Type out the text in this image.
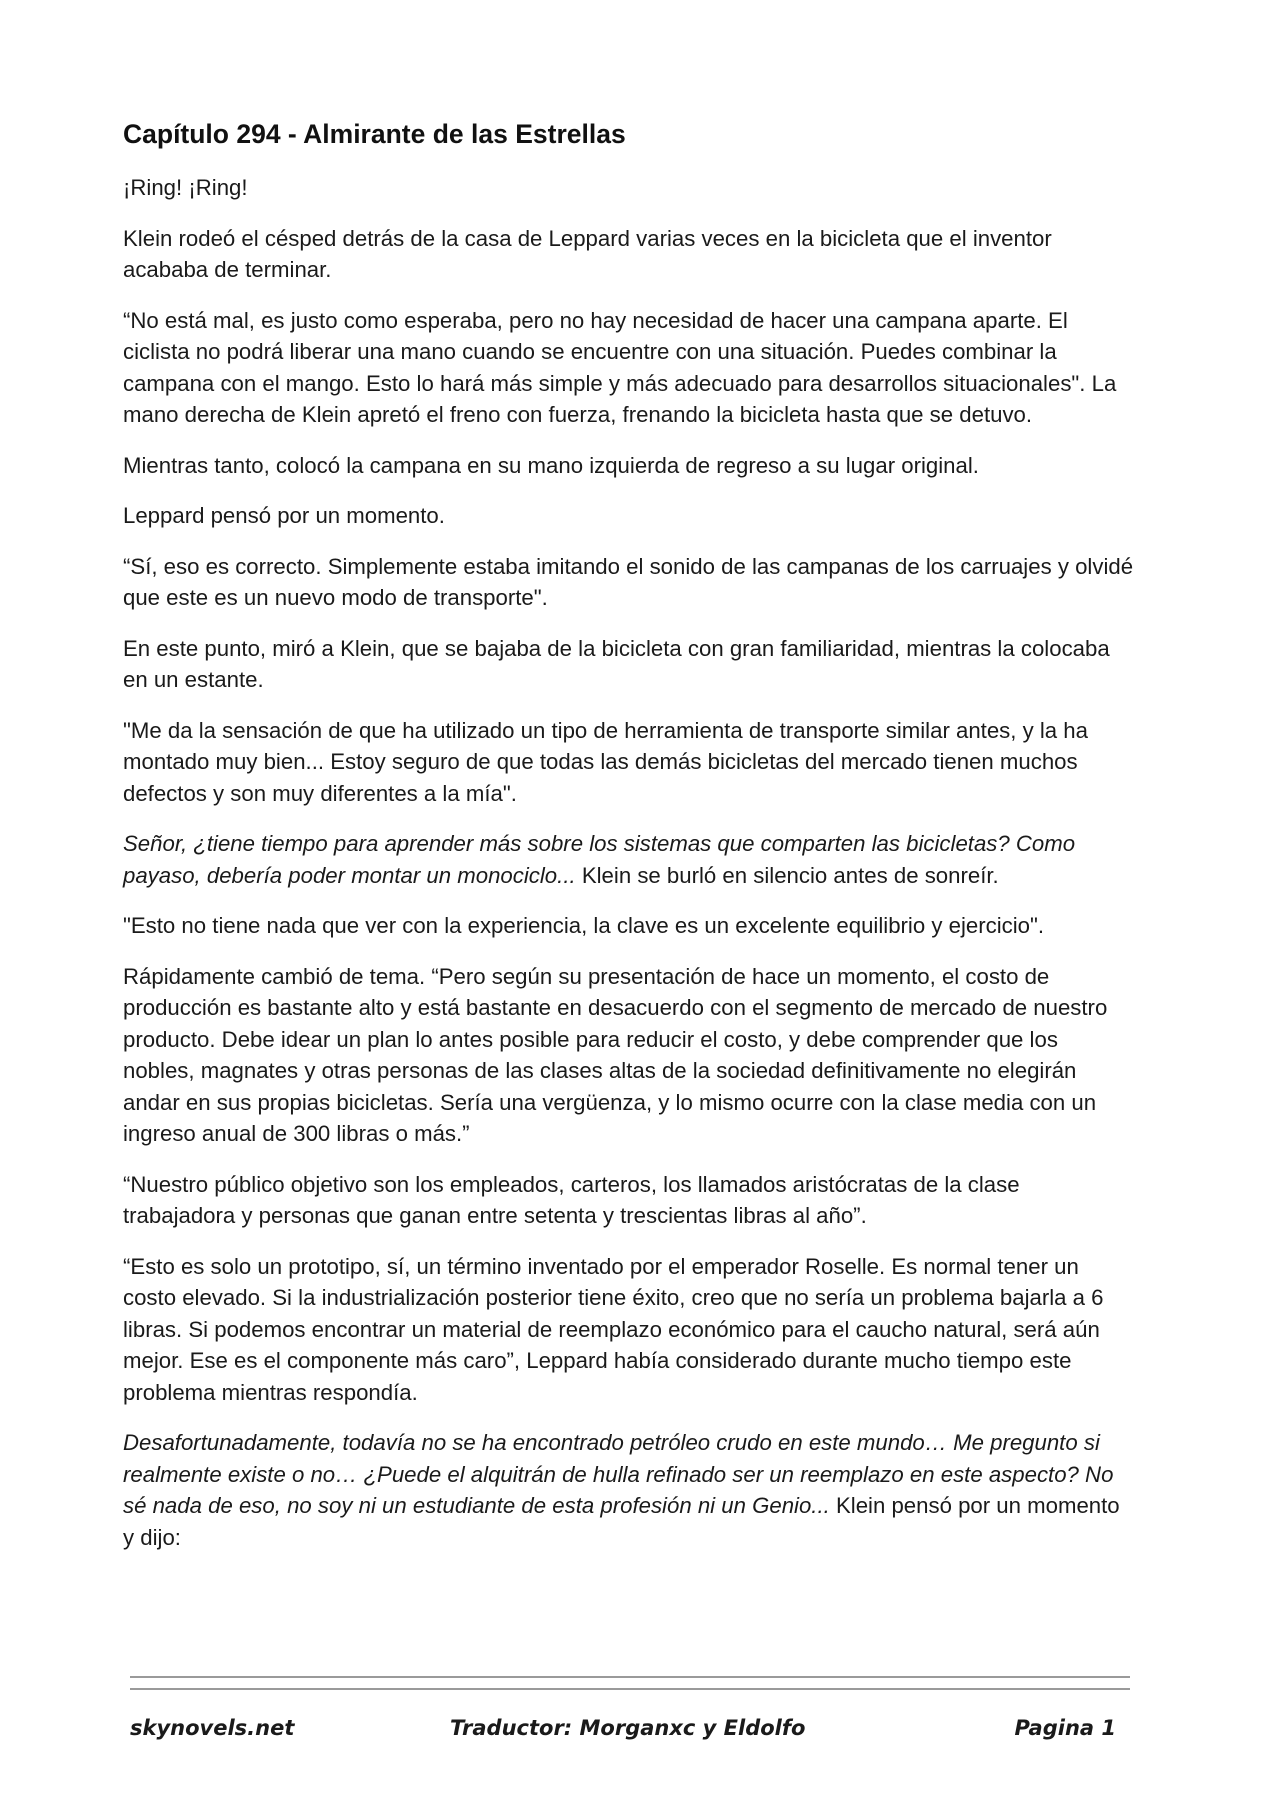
Capítulo 294 - Almirante de las Estrellas

¡Ring! ¡Ring!

Klein rodeó el césped detrás de la casa de Leppard varias veces en la bicicleta que el inventor acababa de terminar.

“No está mal, es justo como esperaba, pero no hay necesidad de hacer una campana aparte. El ciclista no podrá liberar una mano cuando se encuentre con una situación. Puedes combinar la campana con el mango. Esto lo hará más simple y más adecuado para desarrollos situacionales". La mano derecha de Klein apretó el freno con fuerza, frenando la bicicleta hasta que se detuvo.

Mientras tanto, colocó la campana en su mano izquierda de regreso a su lugar original.

Leppard pensó por un momento.

“Sí, eso es correcto. Simplemente estaba imitando el sonido de las campanas de los carruajes y olvidé que este es un nuevo modo de transporte".

En este punto, miró a Klein, que se bajaba de la bicicleta con gran familiaridad, mientras la colocaba en un estante.

"Me da la sensación de que ha utilizado un tipo de herramienta de transporte similar antes, y la ha montado muy bien... Estoy seguro de que todas las demás bicicletas del mercado tienen muchos defectos y son muy diferentes a la mía".

Señor, ¿tiene tiempo para aprender más sobre los sistemas que comparten las bicicletas? Como payaso, debería poder montar un monociclo... Klein se burló en silencio antes de sonreír.

"Esto no tiene nada que ver con la experiencia, la clave es un excelente equilibrio y ejercicio".

Rápidamente cambió de tema. “Pero según su presentación de hace un momento, el costo de producción es bastante alto y está bastante en desacuerdo con el segmento de mercado de nuestro producto. Debe idear un plan lo antes posible para reducir el costo, y debe comprender que los nobles, magnates y otras personas de las clases altas de la sociedad definitivamente no elegirán andar en sus propias bicicletas. Sería una vergüenza, y lo mismo ocurre con la clase media con un ingreso anual de 300 libras o más.”

“Nuestro público objetivo son los empleados, carteros, los llamados aristócratas de la clase trabajadora y personas que ganan entre setenta y trescientas libras al año”.

“Esto es solo un prototipo, sí, un término inventado por el emperador Roselle. Es normal tener un costo elevado. Si la industrialización posterior tiene éxito, creo que no sería un problema bajarla a 6 libras. Si podemos encontrar un material de reemplazo económico para el caucho natural, será aún mejor. Ese es el componente más caro”, Leppard había considerado durante mucho tiempo este problema mientras respondía.

Desafortunadamente, todavía no se ha encontrado petróleo crudo en este mundo… Me pregunto si realmente existe o no… ¿Puede el alquitrán de hulla refinado ser un reemplazo en este aspecto? No sé nada de eso, no soy ni un estudiante de esta profesión ni un Genio... Klein pensó por un momento y dijo:

skynovels.net	Traductor: Morganxc y Eldolfo	Pagina 1
